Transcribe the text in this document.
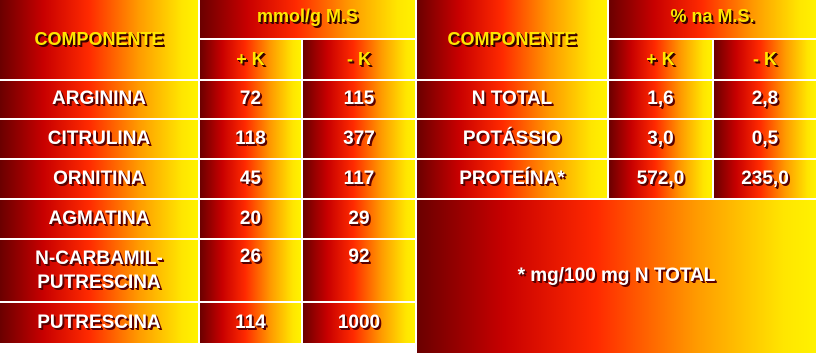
COMPONENTE
mmol/g M.S
+ K	- K
ARGININA	72	115
CITRULINA	118	377
ORNITINA	45	117
AGMATINA	20	29
N-CARBAMIL-
PUTRESCINA
26	92
PUTRESCINA	114	1000
COMPONENTE
% na M.S.
+ K	- K
N TOTAL	1,6	2,8
POTÁSSIO	3,0	0,5
PROTEÍNA*	572,0	235,0
* mg/100 mg N TOTAL
